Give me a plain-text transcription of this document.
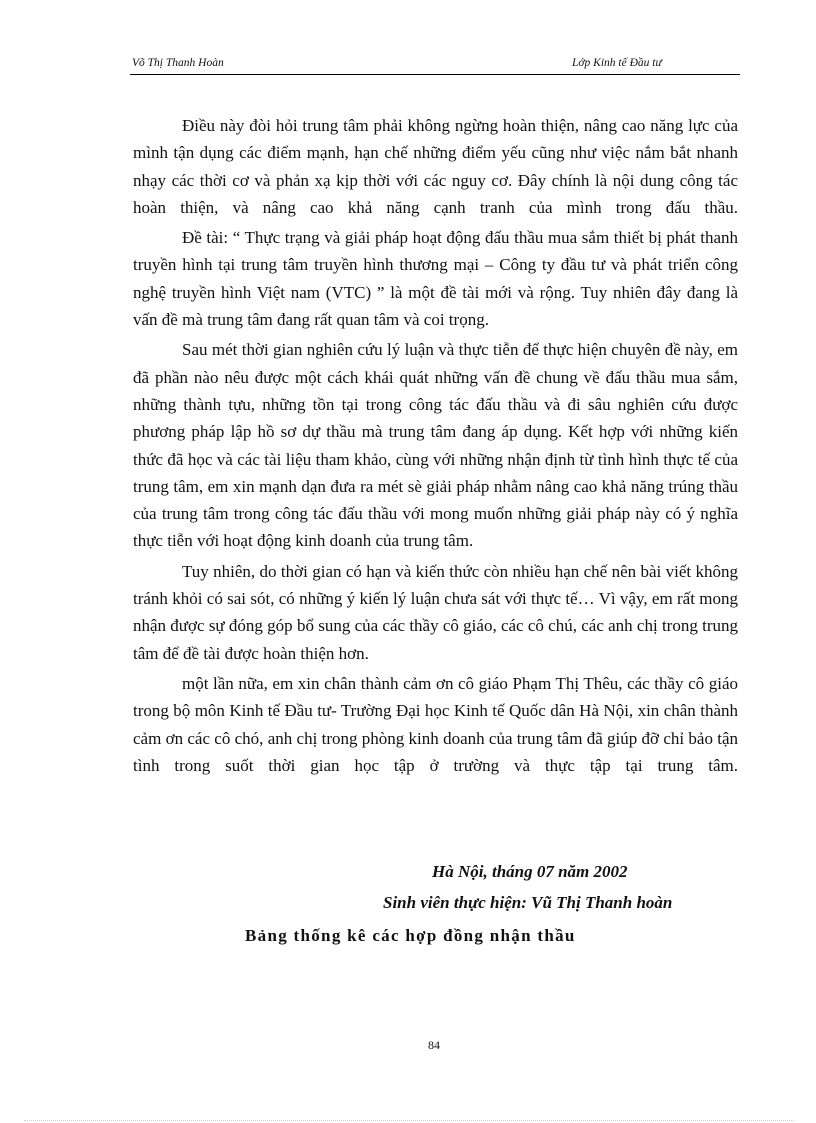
Võ Thị Thanh Hoàn	Lớp Kinh tế Đầu tư

Điều này đòi hỏi trung tâm phải không ngừng hoàn thiện, nâng cao năng lực của mình tận dụng các điểm mạnh, hạn chế những điểm yếu cũng như việc nắm bắt nhanh nhạy các thời cơ và phản xạ kịp thời với các nguy cơ. Đây chính là nội dung công tác hoàn thiện, và nâng cao khả năng cạnh tranh của mình trong đấu thầu.

Đề tài: “ Thực trạng và giải pháp hoạt động đấu thầu mua sắm thiết bị phát thanh truyền hình tại trung tâm truyền hình thương mại – Công ty đầu tư và phát triển công nghệ truyền hình Việt nam (VTC) ” là một đề tài mới và rộng. Tuy nhiên đây đang là vấn đề mà trung tâm đang rất quan tâm và coi trọng.

Sau mét thời gian nghiên cứu lý luận và thực tiễn để thực hiện chuyên đề này, em đã phần nào nêu được một cách khái quát những vấn đề chung về đấu thầu mua sắm, những thành tựu, những tồn tại trong công tác đấu thầu và đi sâu nghiên cứu được phương pháp lập hồ sơ dự thầu mà trung tâm đang áp dụng. Kết hợp với những kiến thức đã học và các tài liệu tham khảo, cùng với những nhận định từ tình hình thực tế của trung tâm, em xin mạnh dạn đưa ra mét sè giải pháp nhằm nâng cao khả năng trúng thầu của trung tâm trong công tác đấu thầu với mong muốn những giải pháp này có ý nghĩa thực tiễn với hoạt động kinh doanh của trung tâm.

Tuy nhiên, do thời gian có hạn và kiến thức còn nhiều hạn chế nên bài viết không tránh khỏi có sai sót, có những ý kiến lý luận chưa sát với thực tế… Vì vậy, em rất mong nhận được sự đóng góp bổ sung của các thầy cô giáo, các cô chú, các anh chị trong trung tâm để đề tài được hoàn thiện hơn.

một lần nữa, em xin chân thành cảm ơn cô giáo Phạm Thị Thêu, các thầy cô giáo trong bộ môn Kinh tế Đầu tư- Trường Đại học Kinh tế Quốc dân Hà Nội, xin chân thành cảm ơn các cô chó, anh chị trong phòng kinh doanh của trung tâm đã giúp đỡ chỉ bảo tận tình trong suốt thời gian học tập ở trường và thực tập tại trung tâm.

Hà Nội, tháng 07 năm 2002
Sinh viên thực hiện: Vũ Thị Thanh hoàn
Bảng thống kê các hợp đồng nhận thầu
84
